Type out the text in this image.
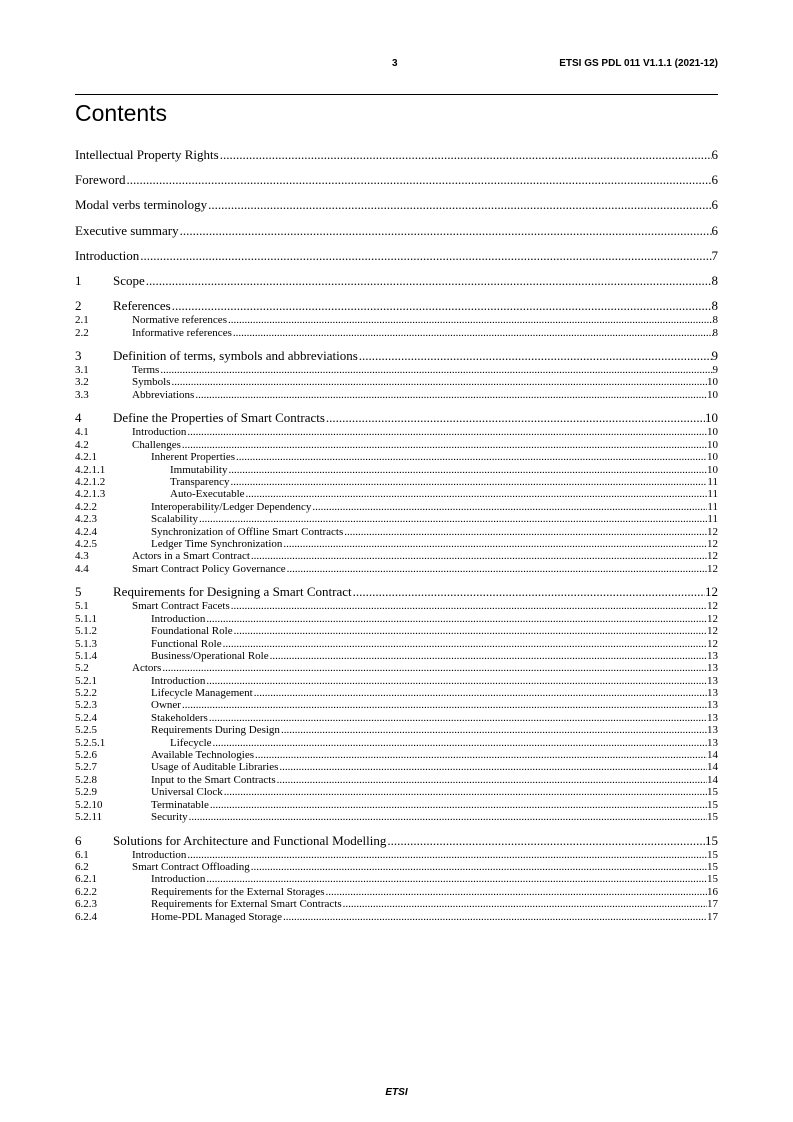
3	ETSI GS PDL 011 V1.1.1 (2021-12)
Contents
Intellectual Property Rights .....	6
Foreword .....	6
Modal verbs terminology .....	6
Executive summary .....	6
Introduction .....	7
1	Scope .....	8
2	References .....	8
2.1	Normative references .....	8
2.2	Informative references .....	8
3	Definition of terms, symbols and abbreviations .....	9
3.1	Terms .....	9
3.2	Symbols .....	10
3.3	Abbreviations .....	10
4	Define the Properties of Smart Contracts .....	10
4.1	Introduction .....	10
4.2	Challenges .....	10
4.2.1	Inherent Properties .....	10
4.2.1.1	Immutability .....	10
4.2.1.2	Transparency .....	11
4.2.1.3	Auto-Executable .....	11
4.2.2	Interoperability/Ledger Dependency .....	11
4.2.3	Scalability .....	11
4.2.4	Synchronization of Offline Smart Contracts .....	12
4.2.5	Ledger Time Synchronization .....	12
4.3	Actors in a Smart Contract .....	12
4.4	Smart Contract Policy Governance .....	12
5	Requirements for Designing a Smart Contract .....	12
5.1	Smart Contract Facets .....	12
5.1.1	Introduction .....	12
5.1.2	Foundational Role .....	12
5.1.3	Functional Role .....	12
5.1.4	Business/Operational Role .....	13
5.2	Actors .....	13
5.2.1	Introduction .....	13
5.2.2	Lifecycle Management .....	13
5.2.3	Owner .....	13
5.2.4	Stakeholders .....	13
5.2.5	Requirements During Design .....	13
5.2.5.1	Lifecycle .....	13
5.2.6	Available Technologies .....	14
5.2.7	Usage of Auditable Libraries .....	14
5.2.8	Input to the Smart Contracts .....	14
5.2.9	Universal Clock .....	15
5.2.10	Terminatable .....	15
5.2.11	Security .....	15
6	Solutions for Architecture and Functional Modelling .....	15
6.1	Introduction .....	15
6.2	Smart Contract Offloading .....	15
6.2.1	Introduction .....	15
6.2.2	Requirements for the External Storages .....	16
6.2.3	Requirements for External Smart Contracts .....	17
6.2.4	Home-PDL Managed Storage .....	17
ETSI
